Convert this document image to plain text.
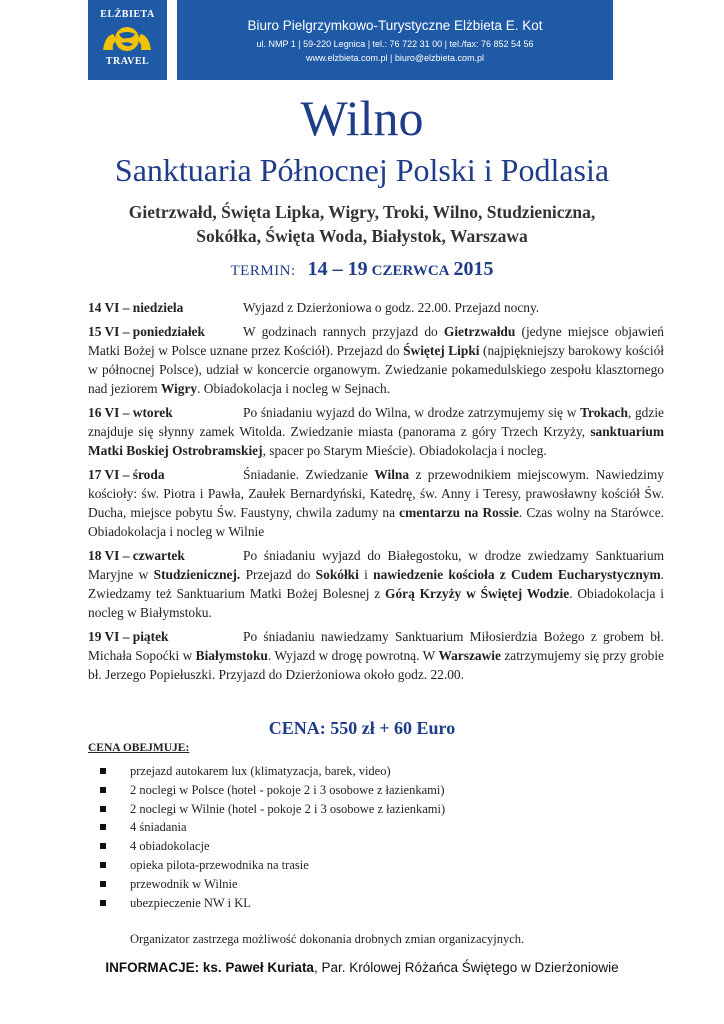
ELŻBIETA
TRAVEL
Biuro Pielgrzymkowo-Turystyczne Elżbieta E. Kot
ul. NMP 1 | 59-220 Legnica | tel.: 76 722 31 00 | tel./fax: 76 852 54 56
www.elzbieta.com.pl | biuro@elzbieta.com.pl
Wilno
Sanktuaria Północnej Polski i Podlasia
Gietrzwałd, Święta Lipka, Wigry, Troki, Wilno, Studzieniczna,
Sokółka, Święta Woda, Białystok, Warszawa
TERMIN: 14 – 19 CZERWCA 2015
14 VI – niedziela	Wyjazd z Dzierżoniowa o godz. 22.00. Przejazd nocny.
15 VI – poniedziałek	W godzinach rannych przyjazd do Gietrzwałdu (jedyne miejsce objawień Matki Bożej w Polsce uznane przez Kościół). Przejazd do Świętej Lipki (najpiękniejszy barokowy kościół w północnej Polsce), udział w koncercie organowym. Zwiedzanie pokamedulskiego zespołu klasztornego nad jeziorem Wigry. Obiadokolacja i nocleg w Sejnach.
16 VI – wtorek	Po śniadaniu wyjazd do Wilna, w drodze zatrzymujemy się w Trokach, gdzie znajduje się słynny zamek Witolda. Zwiedzanie miasta (panorama z góry Trzech Krzyży, sanktuarium Matki Boskiej Ostrobramskiej, spacer po Starym Mieście). Obiadokolacja i nocleg.
17 VI – środa	Śniadanie. Zwiedzanie Wilna z przewodnikiem miejscowym. Nawiedzimy kościoły: św. Piotra i Pawła, Zaułek Bernardyński, Katedrę, św. Anny i Teresy, prawosławny kościół Św. Ducha, miejsce pobytu Św. Faustyny, chwila zadumy na cmentarzu na Rossie. Czas wolny na Starówce. Obiadokolacja i nocleg w Wilnie
18 VI – czwartek	Po śniadaniu wyjazd do Białegostoku, w drodze zwiedzamy Sanktuarium Maryjne w Studzienicznej. Przejazd do Sokółki i nawiedzenie kościoła z Cudem Eucharystycznym. Zwiedzamy też Sanktuarium Matki Bożej Bolesnej z Górą Krzyży w Świętej Wodzie. Obiadokolacja i nocleg w Białymstoku.
19 VI – piątek	Po śniadaniu nawiedzamy Sanktuarium Miłosierdzia Bożego z grobem bł. Michała Sopoćki w Białymstoku. Wyjazd w drogę powrotną. W Warszawie zatrzymujemy się przy grobie bł. Jerzego Popiełuszki. Przyjazd do Dzierżoniowa około godz. 22.00.
CENA: 550 zł + 60 Euro
CENA OBEJMUJE:
przejazd autokarem lux (klimatyzacja, barek, video)
2 noclegi w Polsce (hotel - pokoje 2 i 3 osobowe z łazienkami)
2 noclegi w Wilnie (hotel - pokoje 2 i 3 osobowe z łazienkami)
4 śniadania
4 obiadokolacje
opieka pilota-przewodnika na trasie
przewodnik w Wilnie
ubezpieczenie NW i KL
Organizator zastrzega możliwość dokonania drobnych zmian organizacyjnych.
INFORMACJE: ks. Paweł Kuriata, Par. Królowej Różańca Świętego w Dzierżoniowie
